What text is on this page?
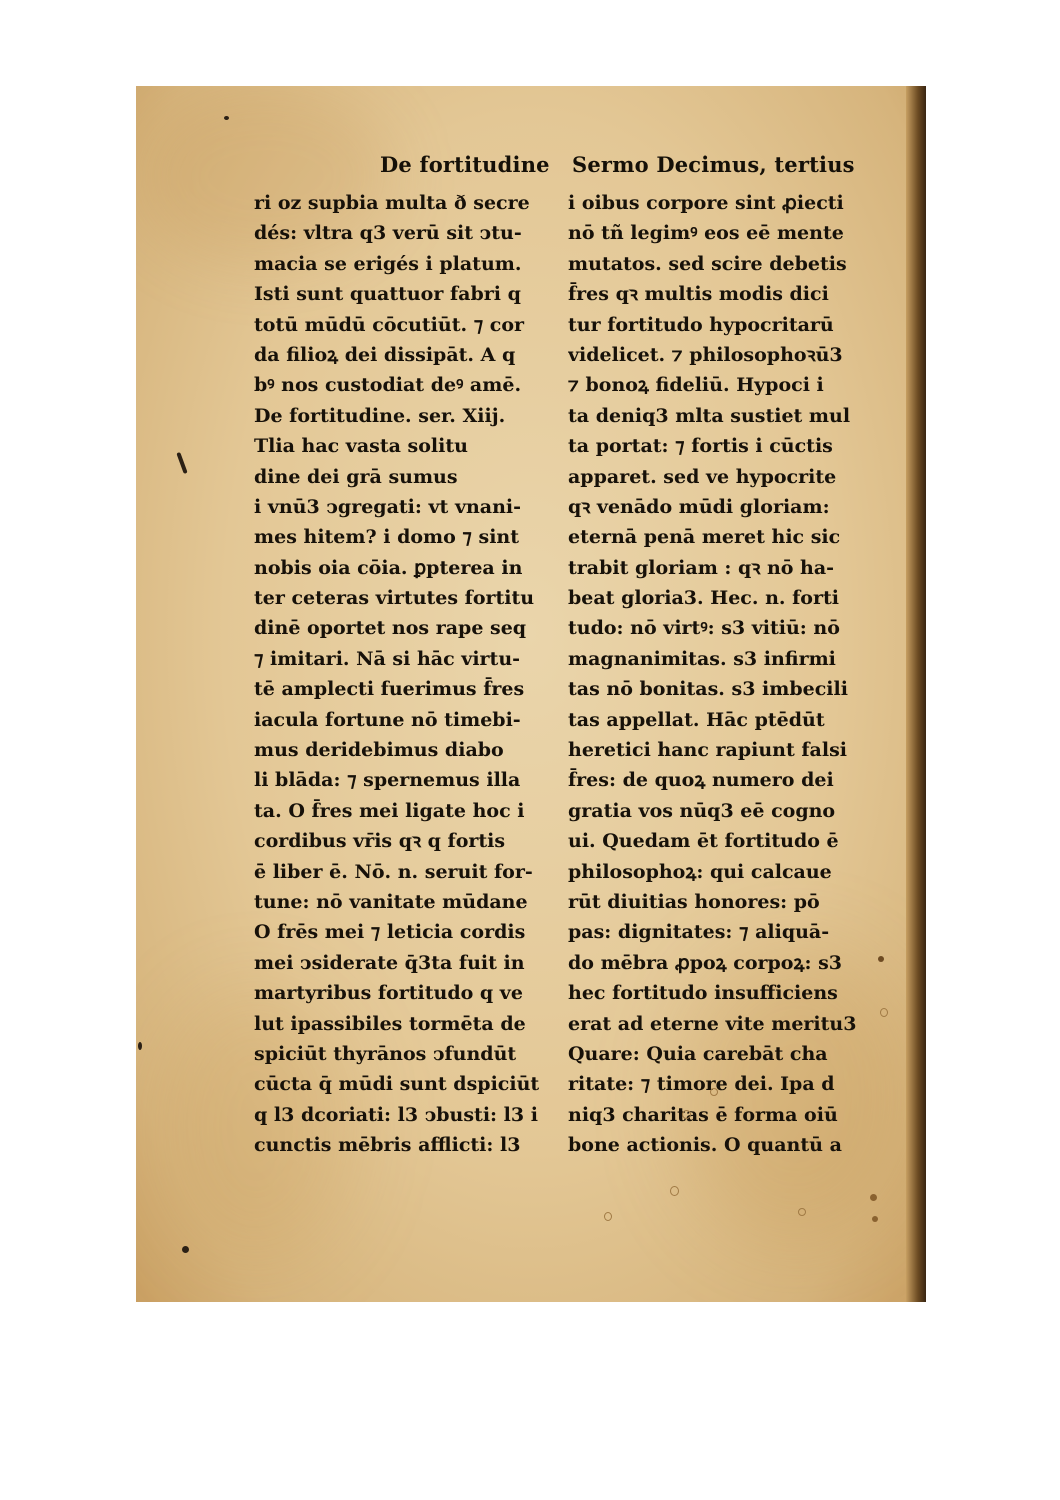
De fortitudine Sermo Decimus, tertius
ri oz supbia multa ð secre
dés: vltra q3 verū sit ↄtu-
macia se erigés i platum.
Isti sunt quattuor fabri q
totū mūdū cōcutiūt. ⁊ cor
da filioꝝ dei dissipāt. A q
bꝰ nos custodiat deꝰ amē.
De fortitudine. ser. Xiij.
Tlia hac vasta solitu
dine dei grā sumus
i vnū3 ↄgregati: vt vnani-
mes hitem? i domo ⁊ sint
nobis oia cōia. ꝑpterea in
ter ceteras virtutes fortitu
dinē oportet nos rape seq
⁊ imitari. Nā si hāc virtu-
tē amplecti fuerimus f̄res
iacula fortune nō timebi-
mus deridebimus diabo
li blāda: ⁊ spernemus illa
ta. O f̄res mei ligate hoc i
cordibus vr̄is qꝛ q fortis
ē liber ē. Nō. n. seruit for-
tune: nō vanitate mūdane
O frēs mei ⁊ leticia cordis
mei ↄsiderate q̄3ta fuit in
martyribus fortitudo q ve
lut ipassibiles tormēta de
spiciūt thyrānos ↄfundūt
cūcta q̄ mūdi sunt dspiciūt
q l3 dcoriati: l3 ↄbusti: l3 i
cunctis mēbris afflicti: l3
i oibus corpore sint ꝓiecti
nō tñ legimꝰ eos eē mente
mutatos. sed scire debetis
f̄res qꝛ multis modis dici
tur fortitudo hypocritarū
videlicet. ⁊ philosophoꝛū3
⁊ bonoꝝ fideliū. Hypoci i
ta deniq3 mlta sustiet mul
ta portat: ⁊ fortis i cūctis
apparet. sed ve hypocrite
qꝛ venādo mūdi gloriam:
eternā penā meret hic sic
trabit gloriam : qꝛ nō ha-
beat gloria3. Hec. n. forti
tudo: nō virtꝰ: s3 vitiū: nō
magnanimitas. s3 infirmi
tas nō bonitas. s3 imbecili
tas appellat. Hāc ptēdūt
heretici hanc rapiunt falsi
f̄res: de quoꝝ numero dei
gratia vos nūq3 eē cogno
ui. Quedam ēt fortitudo ē
philosophoꝝ: qui calcaue
rūt diuitias honores: pō
pas: dignitates: ⁊ aliquā-
do mēbra ꝓpoꝝ corpoꝝ: s3
hec fortitudo insufficiens
erat ad eterne vite meritu3
Quare: Quia carebāt cha
ritate: ⁊ timore dei. Ipa d
niq3 charitas ē forma oiū
bone actionis. O quantū a
